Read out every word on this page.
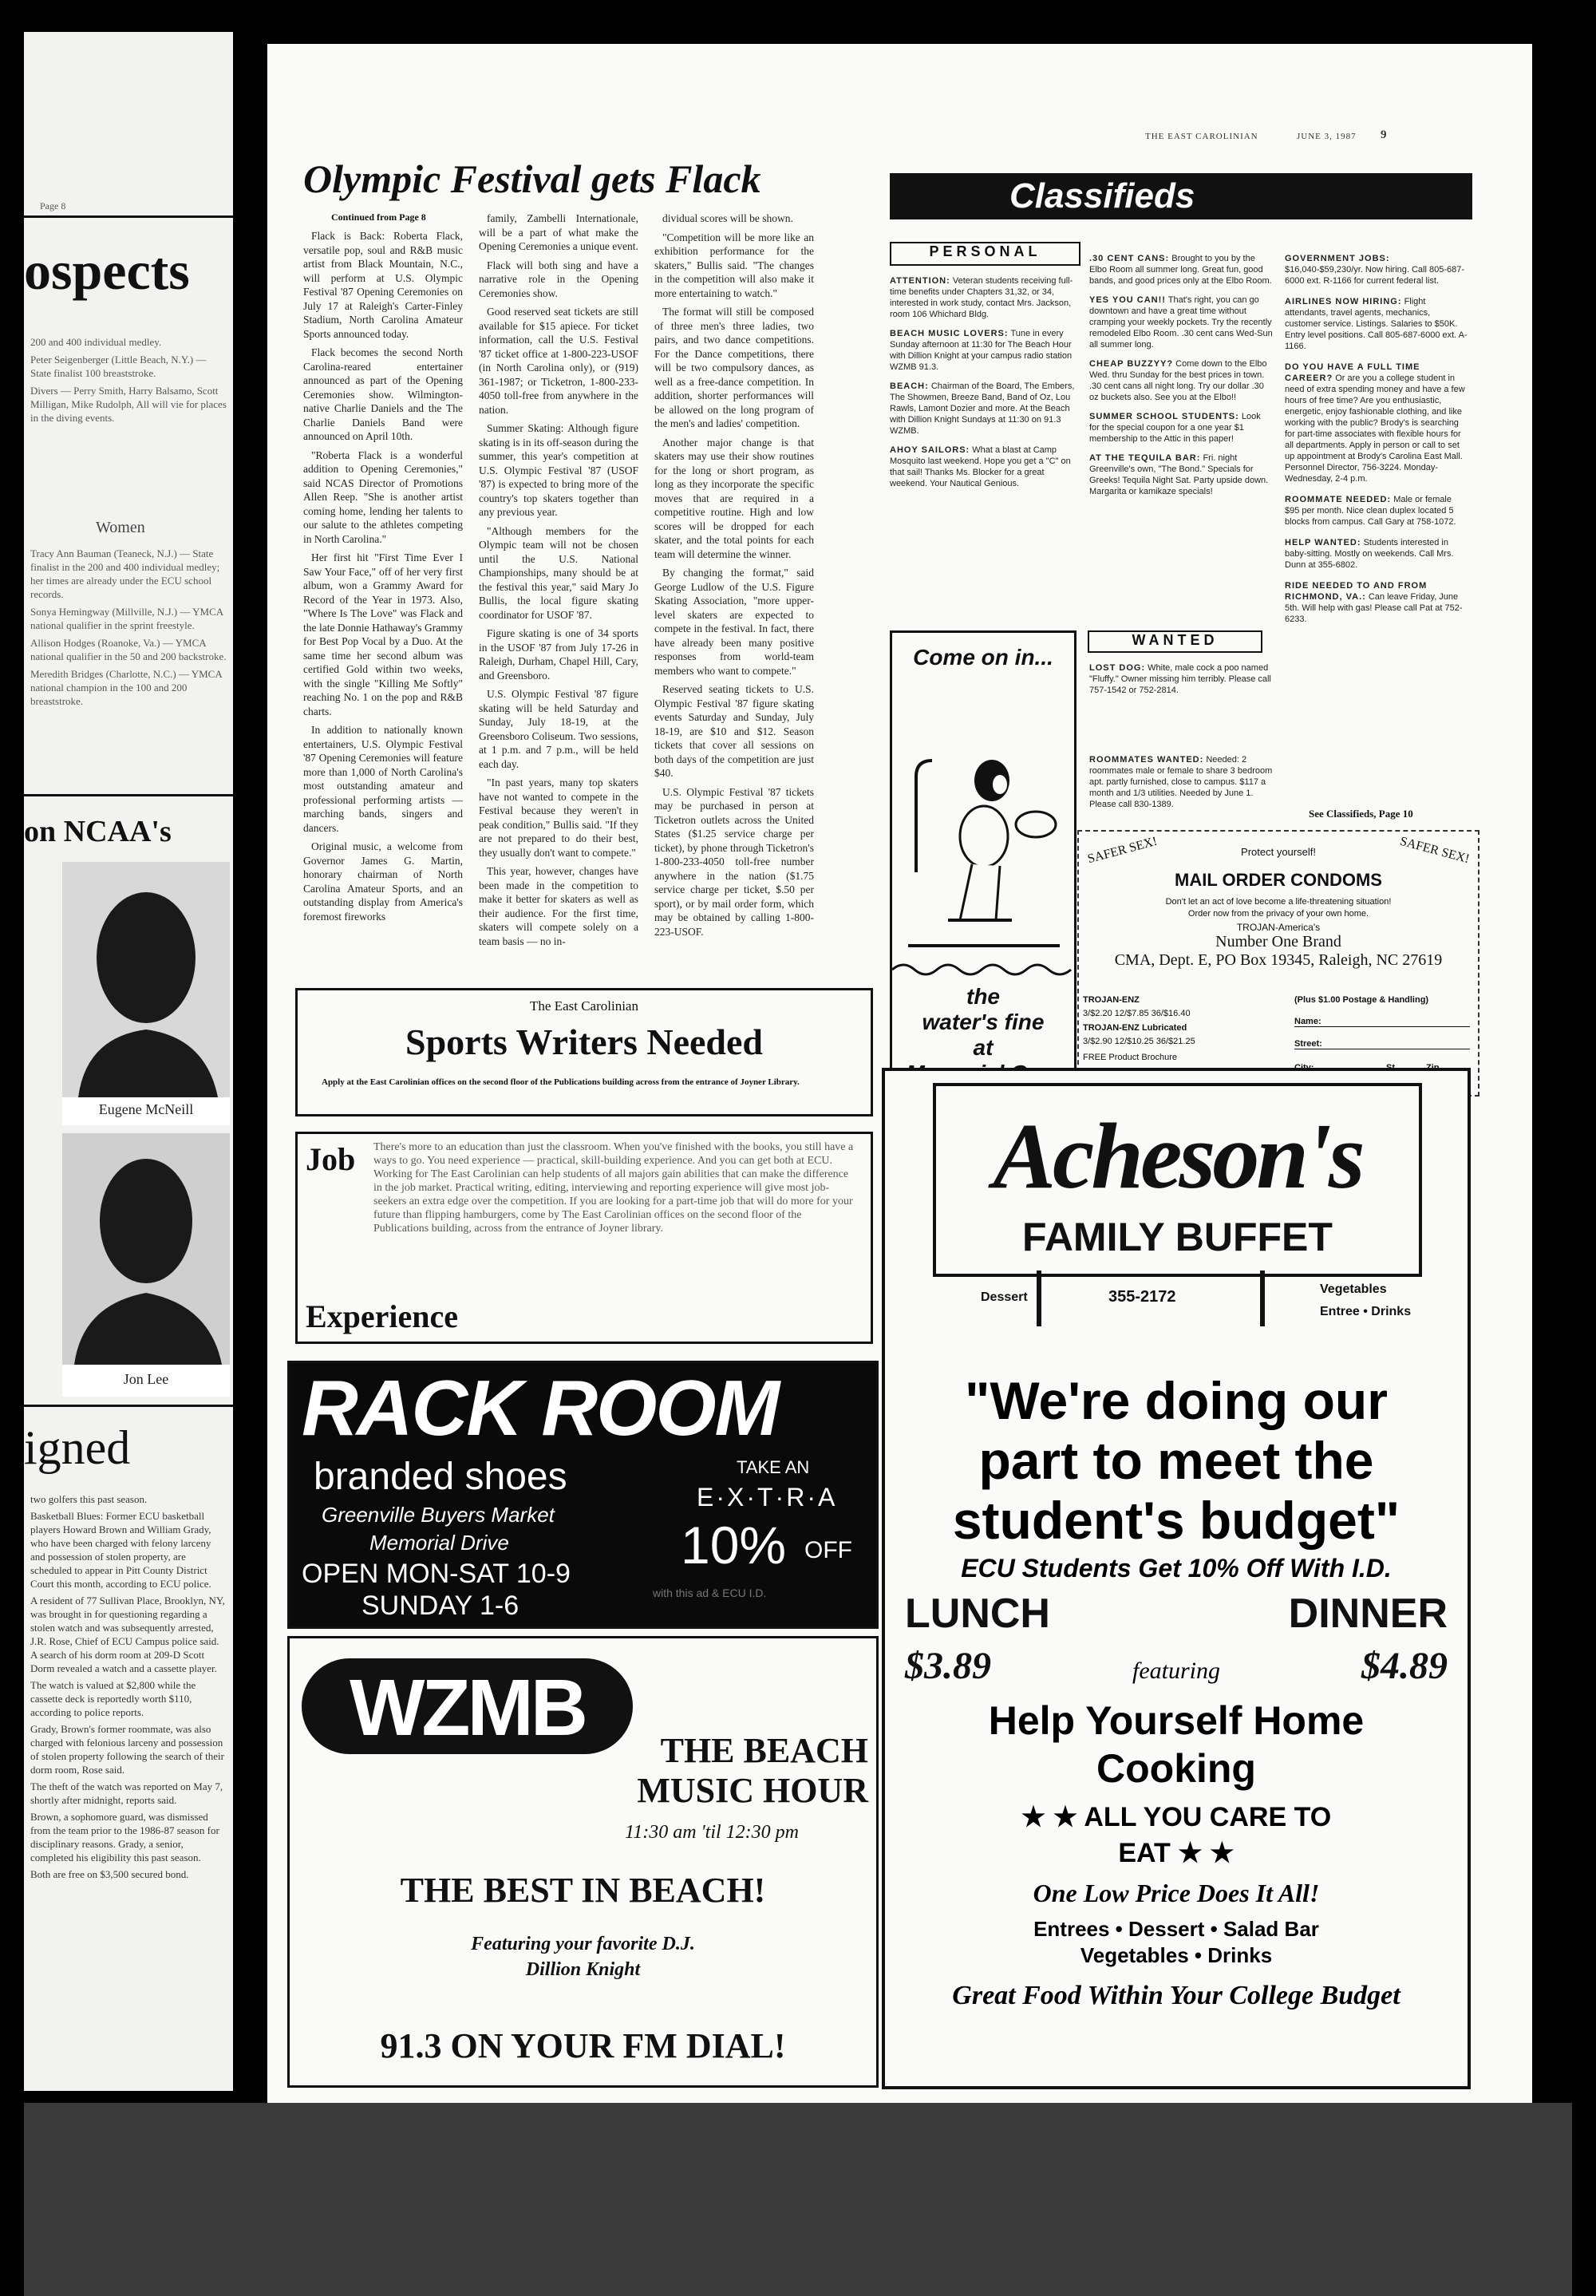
Page 8
ospects

200 and 400 individual medley.

Peter Seigenberger (Little Beach, N.Y.) — State finalist 100 breaststroke.

Divers — Perry Smith, Harry Balsamo, Scott Milligan, Mike Rudolph, All will vie for places in the diving events.

Women

Tracy Ann Bauman (Teaneck, N.J.) — State finalist in the 200 and 400 individual medley; her times are already under the ECU school records.

Sonya Hemingway (Millville, N.J.) — YMCA national qualifier in the sprint freestyle.

Allison Hodges (Roanoke, Va.) — YMCA national qualifier in the 50 and 200 backstroke.

Meredith Bridges (Charlotte, N.C.) — YMCA national champion in the 100 and 200 breaststroke.

on NCAA's
Eugene McNeill
Jon Lee
igned

two golfers this past season.

Basketball Blues: Former ECU basketball players Howard Brown and William Grady, who have been charged with felony larceny and possession of stolen property, are scheduled to appear in Pitt County District Court this month, according to ECU police.

A resident of 77 Sullivan Place, Brooklyn, NY, was brought in for questioning regarding a stolen watch and was subsequently arrested, J.R. Rose, Chief of ECU Campus police said. A search of his dorm room at 209-D Scott Dorm revealed a watch and a cassette player.

The watch is valued at $2,800 while the cassette deck is reportedly worth $110, according to police reports.

Grady, Brown's former roommate, was also charged with felonious larceny and possession of stolen property following the search of their dorm room, Rose said.

The theft of the watch was reported on May 7, shortly after midnight, reports said.

Brown, a sophomore guard, was dismissed from the team prior to the 1986-87 season for disciplinary reasons. Grady, a senior, completed his eligibility this past season.

Both are free on $3,500 secured bond.

THE EAST CAROLINIAN	JUNE 3, 1987 9
Olympic Festival gets Flack
Continued from Page 8

Flack is Back: Roberta Flack, versatile pop, soul and R&B music artist from Black Mountain, N.C., will perform at U.S. Olympic Festival '87 Opening Ceremonies on July 17 at Raleigh's Carter-Finley Stadium, North Carolina Amateur Sports announced today.

Flack becomes the second North Carolina-reared entertainer announced as part of the Opening Ceremonies show. Wilmington-native Charlie Daniels and the The Charlie Daniels Band were announced on April 10th.

"Roberta Flack is a wonderful addition to Opening Ceremonies," said NCAS Director of Promotions Allen Reep. "She is another artist coming home, lending her talents to our salute to the athletes competing in North Carolina."

Her first hit "First Time Ever I Saw Your Face," off of her very first album, won a Grammy Award for Record of the Year in 1973. Also, "Where Is The Love" was Flack and the late Donnie Hathaway's Grammy for Best Pop Vocal by a Duo. At the same time her second album was certified Gold within two weeks, with the single "Killing Me Softly" reaching No. 1 on the pop and R&B charts.

In addition to nationally known entertainers, U.S. Olympic Festival '87 Opening Ceremonies will feature more than 1,000 of North Carolina's most outstanding amateur and professional performing artists — marching bands, singers and dancers.

Original music, a welcome from Governor James G. Martin, honorary chairman of North Carolina Amateur Sports, and an outstanding display from America's foremost fireworks

family, Zambelli Internationale, will be a part of what make the Opening Ceremonies a unique event.

Flack will both sing and have a narrative role in the Opening Ceremonies show.

Good reserved seat tickets are still available for $15 apiece. For ticket information, call the U.S. Festival '87 ticket office at 1-800-223-USOF (in North Carolina only), or (919) 361-1987; or Ticketron, 1-800-233-4050 toll-free from anywhere in the nation.

Summer Skating: Although figure skating is in its off-season during the summer, this year's competition at U.S. Olympic Festival '87 (USOF '87) is expected to bring more of the country's top skaters together than any previous year.

"Although members for the Olympic team will not be chosen until the U.S. National Championships, many should be at the festival this year," said Mary Jo Bullis, the local figure skating coordinator for USOF '87.

Figure skating is one of 34 sports in the USOF '87 from July 17-26 in Raleigh, Durham, Chapel Hill, Cary, and Greensboro.

U.S. Olympic Festival '87 figure skating will be held Saturday and Sunday, July 18-19, at the Greensboro Coliseum. Two sessions, at 1 p.m. and 7 p.m., will be held each day.

"In past years, many top skaters have not wanted to compete in the Festival because they weren't in peak condition," Bullis said. "If they are not prepared to do their best, they usually don't want to compete."

This year, however, changes have been made in the competition to make it better for skaters as well as their audience. For the first time, skaters will compete solely on a team basis — no in-

dividual scores will be shown.

"Competition will be more like an exhibition performance for the skaters," Bullis said. "The changes in the competition will also make it more entertaining to watch."

The format will still be composed of three men's three ladies, two pairs, and two dance competitions. For the Dance competitions, there will be two compulsory dances, as well as a free-dance competition. In addition, shorter performances will be allowed on the long program of the men's and ladies' competition.

Another major change is that skaters may use their show routines for the long or short program, as long as they incorporate the specific moves that are required in a competitive routine. High and low scores will be dropped for each skater, and the total points for each team will determine the winner.

By changing the format," said George Ludlow of the U.S. Figure Skating Association, "more upper-level skaters are expected to compete in the festival. In fact, there have already been many positive responses from world-team members who want to compete."

Reserved seating tickets to U.S. Olympic Festival '87 figure skating events Saturday and Sunday, July 18-19, are $10 and $12. Season tickets that cover all sessions on both days of the competition are just $40.

U.S. Olympic Festival '87 tickets may be purchased in person at Ticketron outlets across the United States ($1.25 service charge per ticket), by phone through Ticketron's 1-800-233-4050 toll-free number anywhere in the nation ($1.75 service charge per ticket, $.50 per sport), or by mail order form, which may be obtained by calling 1-800-223-USOF.

The East Carolinian
Sports Writers Needed
Apply at the East Carolinian offices on the second floor of the Publications building across from the entrance of Joyner Library.
Job
Experience
There's more to an education than just the classroom. When you've finished with the books, you still have a ways to go. You need experience — practical, skill-building experience. And you can get both at ECU. Working for The East Carolinian can help students of all majors gain abilities that can make the difference in the job market. Practical writing, editing, interviewing and reporting experience will give most job-seekers an extra edge over the competition. If you are looking for a part-time job that will do more for your future than flipping hamburgers, come by The East Carolinian offices on the second floor of the Publications building, across from the entrance of Joyner library.
RACK ROOM
branded shoes
Greenville Buyers Market
Memorial Drive
OPEN MON-SAT 10-9
SUNDAY 1-6
TAKE AN
E·X·T·R·A
10% OFF
with this ad & ECU I.D.
WZMB	THE BEACH
MUSIC HOUR
11:30 am 'til 12:30 pm
THE BEST IN BEACH!
Featuring your favorite D.J.
Dillion Knight
91.3 ON YOUR FM DIAL!
Classifieds
PERSONAL

ATTENTION: Veteran students receiving full-time benefits under Chapters 31,32, or 34, interested in work study, contact Mrs. Jackson, room 106 Whichard Bldg.

BEACH MUSIC LOVERS: Tune in every Sunday afternoon at 11:30 for The Beach Hour with Dillion Knight at your campus radio station WZMB 91.3.

BEACH: Chairman of the Board, The Embers, The Showmen, Breeze Band, Band of Oz, Lou Rawls, Lamont Dozier and more. At the Beach with Dillion Knight Sundays at 11:30 on 91.3 WZMB.

AHOY SAILORS: What a blast at Camp Mosquito last weekend. Hope you get a "C" on that sail! Thanks Ms. Blocker for a great weekend. Your Nautical Genious.

.30 CENT CANS: Brought to you by the Elbo Room all summer long. Great fun, good bands, and good prices only at the Elbo Room.

YES YOU CAN!! That's right, you can go downtown and have a great time without cramping your weekly pockets. Try the recently remodeled Elbo Room. .30 cent cans Wed-Sun all summer long.

CHEAP BUZZYY? Come down to the Elbo Wed. thru Sunday for the best prices in town. .30 cent cans all night long. Try our dollar .30 oz buckets also. See you at the Elbo!!

SUMMER SCHOOL STUDENTS: Look for the special coupon for a one year $1 membership to the Attic in this paper!

AT THE TEQUILA BAR: Fri. night Greenville's own, "The Bond." Specials for Greeks! Tequila Night Sat. Party upside down. Margarita or kamikaze specials!

GOVERNMENT JOBS: $16,040-$59,230/yr. Now hiring. Call 805-687-6000 ext. R-1166 for current federal list.

AIRLINES NOW HIRING: Flight attendants, travel agents, mechanics, customer service. Listings. Salaries to $50K. Entry level positions. Call 805-687-6000 ext. A-1166.

DO YOU HAVE A FULL TIME CAREER? Or are you a college student in need of extra spending money and have a few hours of free time? Are you enthusiastic, energetic, enjoy fashionable clothing, and like working with the public? Brody's is searching for part-time associates with flexible hours for all departments. Apply in person or call to set up appointment at Brody's Carolina East Mall. Personnel Director, 756-3224. Monday-Wednesday, 2-4 p.m.

ROOMMATE NEEDED: Male or female $95 per month. Nice clean duplex located 5 blocks from campus. Call Gary at 758-1072.

HELP WANTED: Students interested in baby-sitting. Mostly on weekends. Call Mrs. Dunn at 355-6802.

RIDE NEEDED TO AND FROM RICHMOND, VA.: Can leave Friday, June 5th. Will help with gas! Please call Pat at 752-6233.

Come on in...
the
water's fine
at
WANTED
LOST DOG: White, male cock a poo named "Fluffy." Owner missing him terribly. Please call 757-1542 or 752-2814.
ROOMMATES WANTED: Needed: 2 roommates male or female to share 3 bedroom apt. partly furnished, close to campus. $117 a month and 1/3 utilities. Needed by June 1. Please call 830-1389.
See Classifieds, Page 10
SAFER SEX!	SAFER SEX!
Protect yourself!
MAIL ORDER CONDOMS
Don't let an act of love become a life-threatening situation!
Order now from the privacy of your own home.
TROJAN-America's
Number One Brand
CMA, Dept. E, PO Box 19345, Raleigh, NC 27619
TROJAN-ENZ
3/$2.20 12/$7.85 36/$16.40
TROJAN-ENZ Lubricated
3/$2.90 12/$10.25 36/$21.25
FREE Product Brochure
(Plus $1.00 Postage & Handling)
Name:
Street:
Acheson's
FAMILY BUFFET
Dessert	355-2172	Vegetables
Entree • Drinks
"We're doing our
part to meet the
student's budget"
ECU Students Get 10% Off With I.D.
LUNCH	DINNER
$3.89	featuring	$4.89
Help Yourself Home
Cooking
★ ★ ALL YOU CARE TO
EAT ★ ★
One Low Price Does It All!
Entrees • Dessert • Salad Bar
Vegetables • Drinks
Great Food Within Your College Budget
